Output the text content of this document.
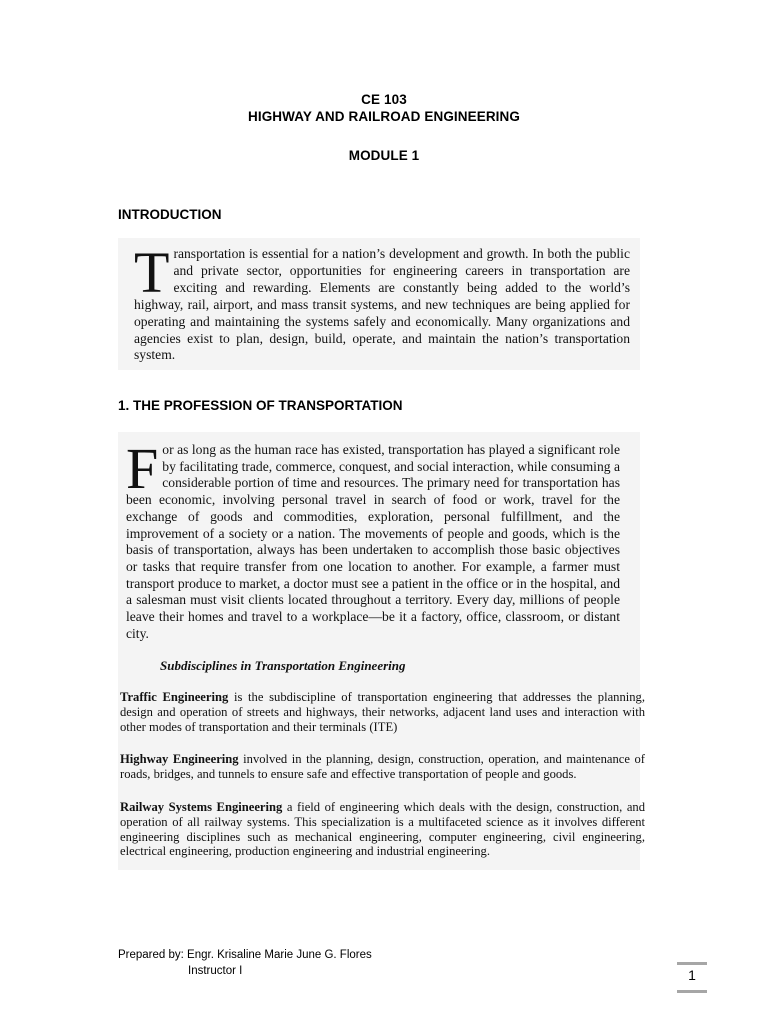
CE 103
HIGHWAY AND RAILROAD ENGINEERING
MODULE 1
INTRODUCTION
Transportation is essential for a nation’s development and growth. In both the public and private sector, opportunities for engineering careers in transportation are exciting and rewarding. Elements are constantly being added to the world’s highway, rail, airport, and mass transit systems, and new techniques are being applied for operating and maintaining the systems safely and economically. Many organizations and agencies exist to plan, design, build, operate, and maintain the nation’s transportation system.
1. THE PROFESSION OF TRANSPORTATION
For as long as the human race has existed, transportation has played a significant role by facilitating trade, commerce, conquest, and social interaction, while consuming a considerable portion of time and resources. The primary need for transportation has been economic, involving personal travel in search of food or work, travel for the exchange of goods and commodities, exploration, personal fulfillment, and the improvement of a society or a nation. The movements of people and goods, which is the basis of transportation, always has been undertaken to accomplish those basic objectives or tasks that require transfer from one location to another. For example, a farmer must transport produce to market, a doctor must see a patient in the office or in the hospital, and a salesman must visit clients located throughout a territory. Every day, millions of people leave their homes and travel to a workplace—be it a factory, office, classroom, or distant city.
Subdisciplines in Transportation Engineering
Traffic Engineering is the subdiscipline of transportation engineering that addresses the planning, design and operation of streets and highways, their networks, adjacent land uses and interaction with other modes of transportation and their terminals (ITE)
Highway Engineering involved in the planning, design, construction, operation, and maintenance of roads, bridges, and tunnels to ensure safe and effective transportation of people and goods.
Railway Systems Engineering a field of engineering which deals with the design, construction, and operation of all railway systems. This specialization is a multifaceted science as it involves different engineering disciplines such as mechanical engineering, computer engineering, civil engineering, electrical engineering, production engineering and industrial engineering.
Prepared by: Engr. Krisaline Marie June G. Flores
Instructor I	1
